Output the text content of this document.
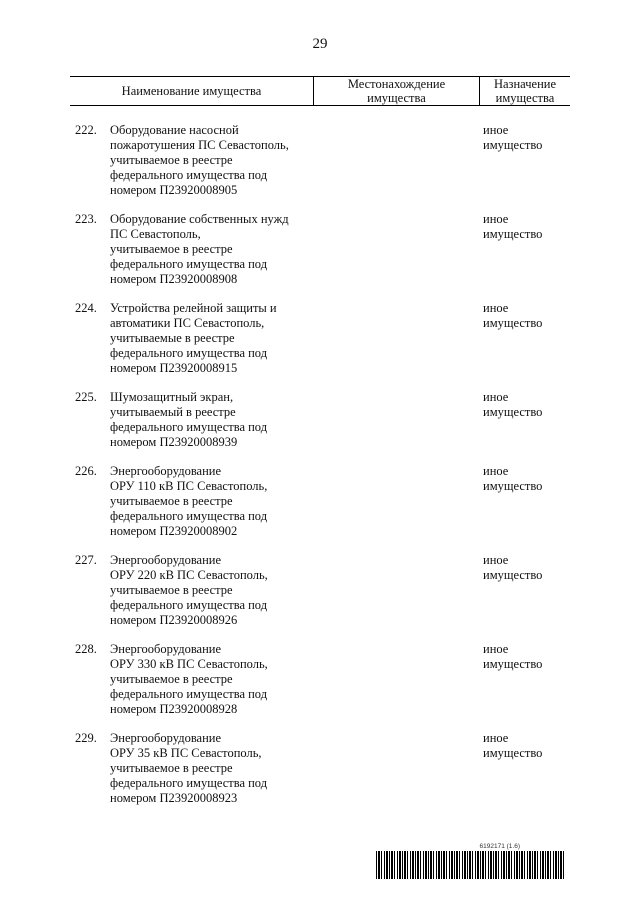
29
Наименование имущества	Местонахождение
имущества
Назначение
имущества
222. Оборудование насосной
пожаротушения ПС Севастополь,
учитываемое в реестре
федерального имущества под
номером П23920008905
иное
имущество
223. Оборудование собственных нужд
ПС Севастополь,
учитываемое в реестре
федерального имущества под
номером П23920008908
иное
имущество
224. Устройства релейной защиты и
автоматики ПС Севастополь,
учитываемые в реестре
федерального имущества под
номером П23920008915
иное
имущество
225. Шумозащитный экран,
учитываемый в реестре
федерального имущества под
номером П23920008939
иное
имущество
226. Энергооборудование
ОРУ 110 кВ ПС Севастополь,
учитываемое в реестре
федерального имущества под
номером П23920008902
иное
имущество
227. Энергооборудование
ОРУ 220 кВ ПС Севастополь,
учитываемое в реестре
федерального имущества под
номером П23920008926
иное
имущество
228. Энергооборудование
ОРУ 330 кВ ПС Севастополь,
учитываемое в реестре
федерального имущества под
номером П23920008928
иное
имущество
229. Энергооборудование
ОРУ 35 кВ ПС Севастополь,
учитываемое в реестре
федерального имущества под
номером П23920008923
иное
имущество
6192171 (1.6)
